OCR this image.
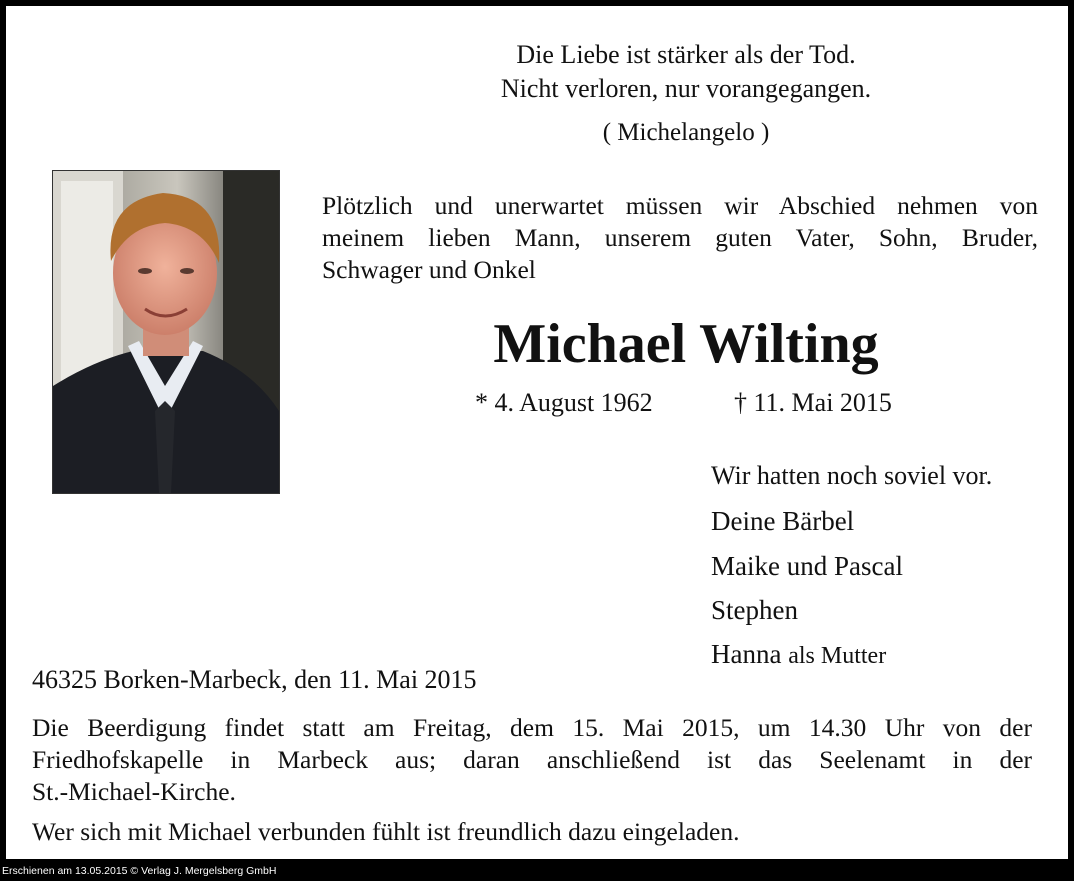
Die Liebe ist stärker als der Tod.
Nicht verloren, nur vorangegangen.
( Michelangelo )
Plötzlich und unerwartet müssen wir Abschied nehmen von
meinem lieben Mann, unserem guten Vater, Sohn, Bruder,
Schwager und Onkel
Michael Wilting
* 4. August 1962	† 11. Mai 2015
Wir hatten noch soviel vor.
Deine Bärbel
Maike und Pascal
Stephen
Hanna als Mutter
46325 Borken-Marbeck, den 11. Mai 2015
Die Beerdigung findet statt am Freitag, dem 15. Mai 2015, um 14.30 Uhr von der
Friedhofskapelle in Marbeck aus; daran anschließend ist das Seelenamt in der
St.-Michael-Kirche.
Wer sich mit Michael verbunden fühlt ist freundlich dazu eingeladen.
Erschienen am 13.05.2015 © Verlag J. Mergelsberg GmbH
